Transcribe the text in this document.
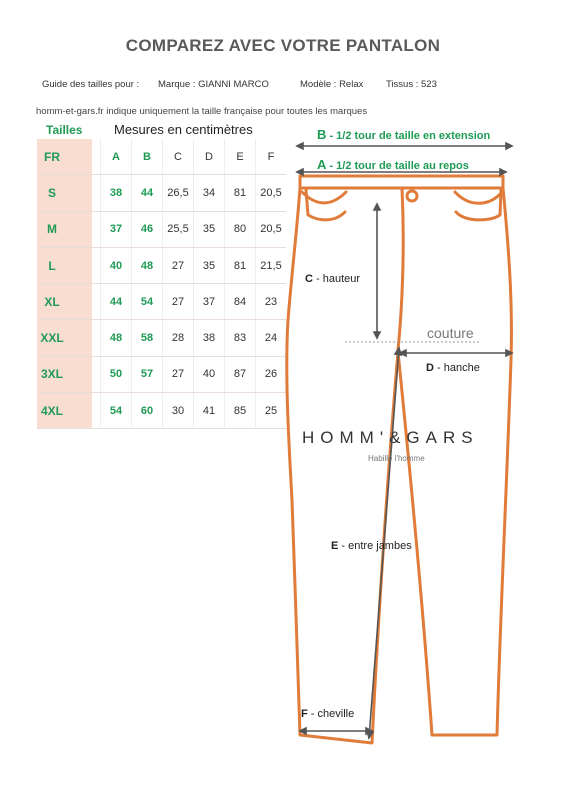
COMPAREZ AVEC VOTRE PANTALON
Guide des tailles pour : Marque : GIANNI MARCO	Modèle : Relax Tissus : 523
homm-et-gars.fr indique uniquement la taille française pour toutes les marques
Tailles Mesures en centimètres
FR			A	B	C	D	E	F
S			38	44	26,5	34	81	20,5
M			37	46	25,5	35	80	20,5
L			40	48	27	35	81	21,5
XL			44	54	27	37	84	23
XXL			48	58	28	38	83	24
3XL			50	57	27	40	87	26
4XL			54	60	30	41	85	25
B - 1/2 tour de taille en extension
A - 1/2 tour de taille au repos
C - hauteur
couture
D - hanche
E - entre jambes
F - cheville
HOMM'&GARS
Habille l'homme
